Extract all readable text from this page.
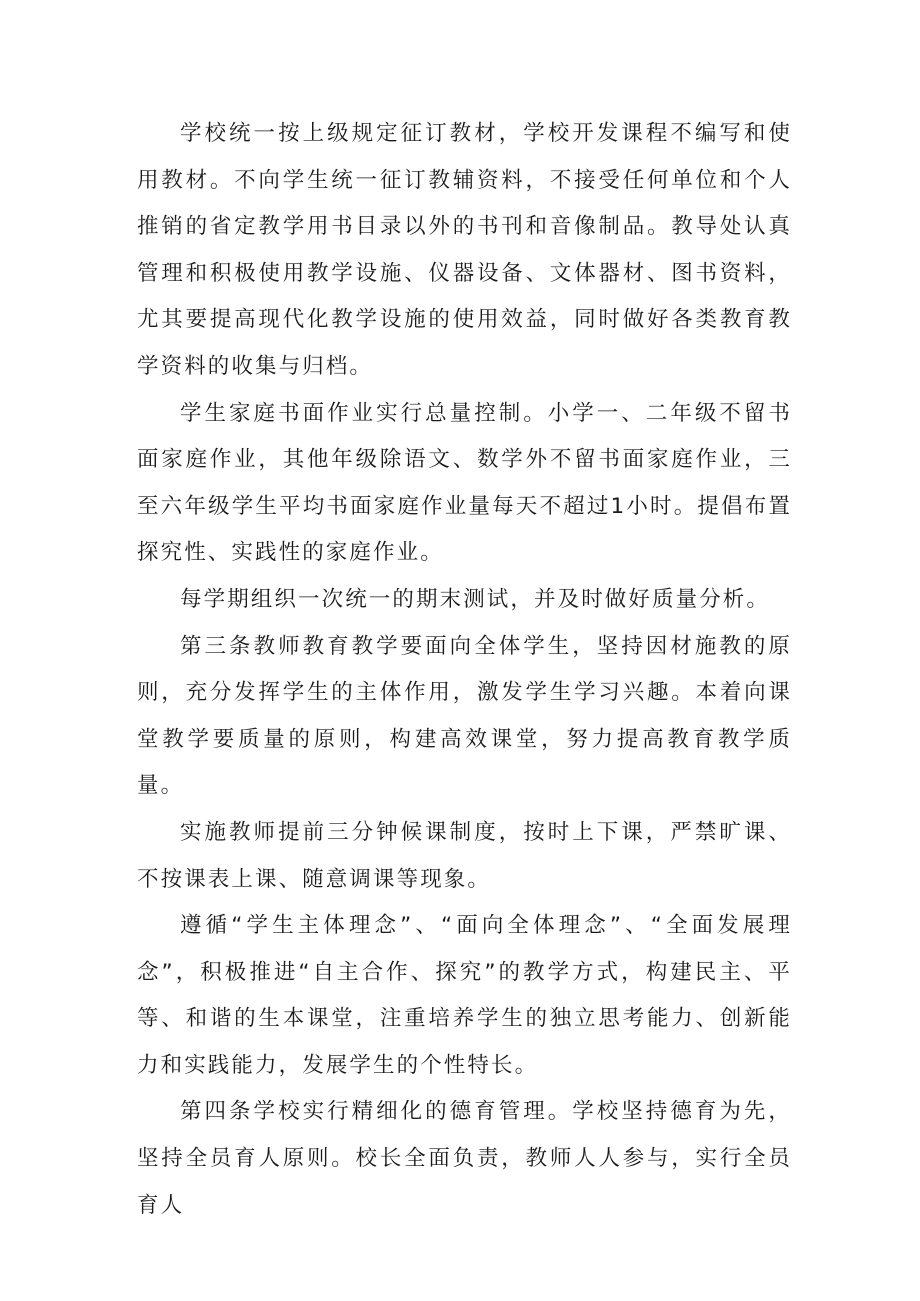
学校统一按上级规定征订教材，学校开发课程不编写和使用教材。不向学生统一征订教辅资料，不接受任何单位和个人推销的省定教学用书目录以外的书刊和音像制品。教导处认真管理和积极使用教学设施、仪器设备、文体器材、图书资料，尤其要提高现代化教学设施的使用效益，同时做好各类教育教学资料的收集与归档。

学生家庭书面作业实行总量控制。小学一、二年级不留书面家庭作业，其他年级除语文、数学外不留书面家庭作业，三至六年级学生平均书面家庭作业量每天不超过1小时。提倡布置探究性、实践性的家庭作业。

每学期组织一次统一的期末测试，并及时做好质量分析。

第三条教师教育教学要面向全体学生，坚持因材施教的原则，充分发挥学生的主体作用，激发学生学习兴趣。本着向课堂教学要质量的原则，构建高效课堂，努力提高教育教学质量。

实施教师提前三分钟候课制度，按时上下课，严禁旷课、不按课表上课、随意调课等现象。

遵循“学生主体理念”、“面向全体理念”、“全面发展理念”，积极推进“自主合作、探究”的教学方式，构建民主、平等、和谐的生本课堂，注重培养学生的独立思考能力、创新能力和实践能力，发展学生的个性特长。

第四条学校实行精细化的德育管理。学校坚持德育为先，坚持全员育人原则。校长全面负责，教师人人参与，实行全员育人
